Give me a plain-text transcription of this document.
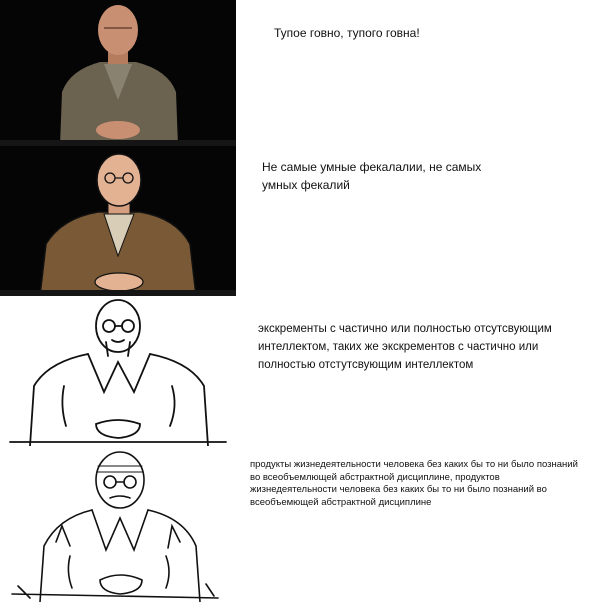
Тупое говно, тупого говна!
Не самые умные фекалалии, не самых
умных фекалий
экскременты с частично или полностью отсутсвующим
интеллектом, таких же экскрементов с частично или
полностью отстутсвующим интеллектом
продукты жизнедеятельности человека без каких бы то ни было познаний
во всеобъемлющей абстрактной дисциплине, продуктов
жизнедеятельности человека без каких бы то ни было познаний во
всеобъемющей абстрактной дисциплине
